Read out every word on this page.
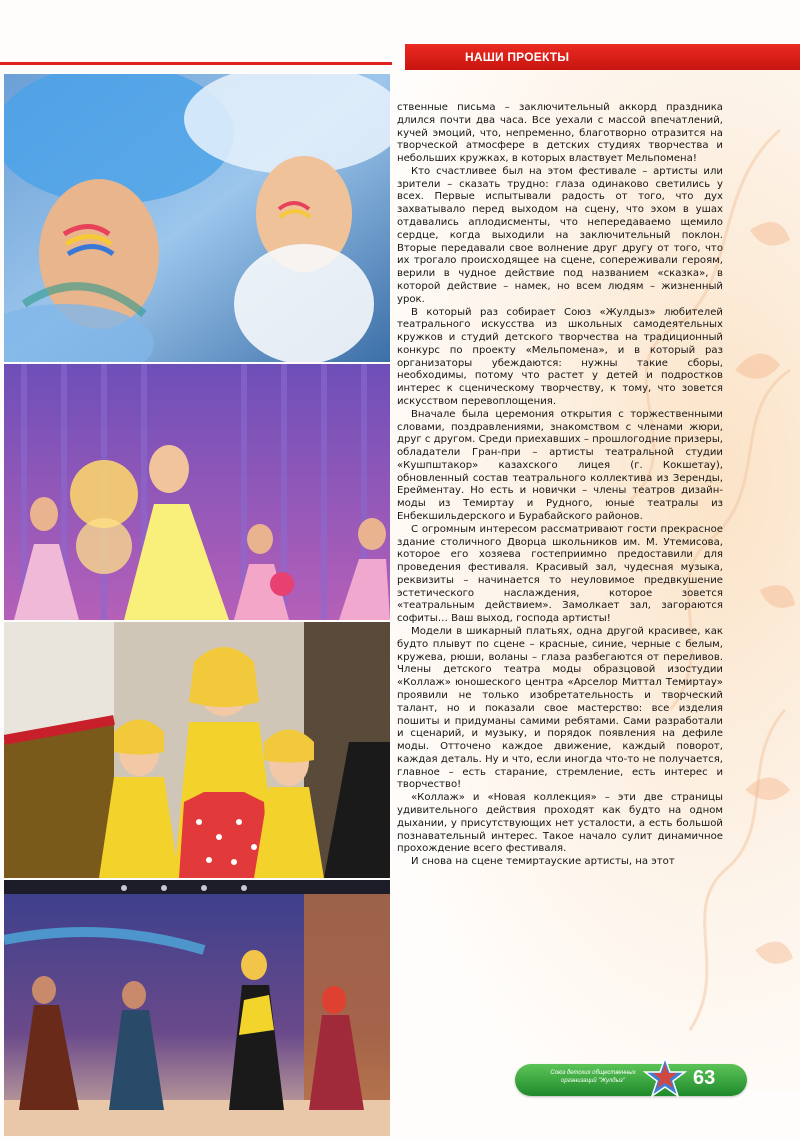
НАШИ ПРОЕКТЫ

ственные письма – заключительный аккорд праздника длился почти два часа. Все уехали с массой впечатлений, кучей эмоций, что, непременно, благотворно отразится на творческой атмосфере в детских студиях творчества и небольших кружках, в которых властвует Мельпомена!

Кто счастливее был на этом фестивале – артисты или зрители – сказать трудно: глаза одинаково светились у всех. Первые испытывали радость от того, что дух захватывало перед выходом на сцену, что эхом в ушах отдавались аплодисменты, что непередаваемо щемило сердце, когда выходили на заключительный поклон. Вторые передавали свое волнение друг другу от того, что их трогало происходящее на сцене, сопереживали героям, верили в чудное действие под названием «сказка», в которой действие – намек, но всем людям – жизненный урок.

В который раз собирает Союз «Жулдыз» любителей театрального искусства из школьных самодеятельных кружков и студий детского творчества на традиционный конкурс по проекту «Мельпомена», и в который раз организаторы убеждаются: нужны такие сборы, необходимы, потому что растет у детей и подростков интерес к сценическому творчеству, к тому, что зовется искусством перевоплощения.

Вначале была церемония открытия с торжественными словами, поздравлениями, знакомством с членами жюри, друг с другом. Среди приехавших – прошлогодние призеры, обладатели Гран-при – артисты театральной студии «Кушпштакор» казахского лицея (г. Кокшетау), обновленный состав театрального коллектива из Зеренды, Ерейментау. Но есть и новички – члены театров дизайн-моды из Темиртау и Рудного, юные театралы из Енбекшильдерского и Бурабайского районов.

С огромным интересом рассматривают гости прекрасное здание столичного Дворца школьников им. М. Утемисова, которое его хозяева гостеприимно предоставили для проведения фестиваля. Красивый зал, чудесная музыка, реквизиты – начинается то неуловимое предвкушение эстетического наслаждения, которое зовется «театральным действием». Замолкает зал, загораются софиты… Ваш выход, господа артисты!

Модели в шикарный платьях, одна другой красивее, как будто плывут по сцене – красные, синие, черные с белым, кружева, рюши, воланы – глаза разбегаются от переливов. Члены детского театра моды образцовой изостудии «Коллаж» юношеского центра «Арселор Миттал Темиртау» проявили не только изобретательность и творческий талант, но и показали свое мастерство: все изделия пошиты и придуманы самими ребятами. Сами разработали и сценарий, и музыку, и порядок появления на дефиле моды. Отточено каждое движение, каждый поворот, каждая деталь. Ну и что, если иногда что-то не получается, главное – есть старание, стремление, есть интерес и творчество!

«Коллаж» и «Новая коллекция» – эти две страницы удивительного действия проходят как будто на одном дыхании, у присутствующих нет усталости, а есть большой познавательный интерес. Такое начало сулит динамичное прохождение всего фестиваля.

И снова на сцене темиртауские артисты, на этот

Союз детских общественных организаций "Жулдыз"	63
